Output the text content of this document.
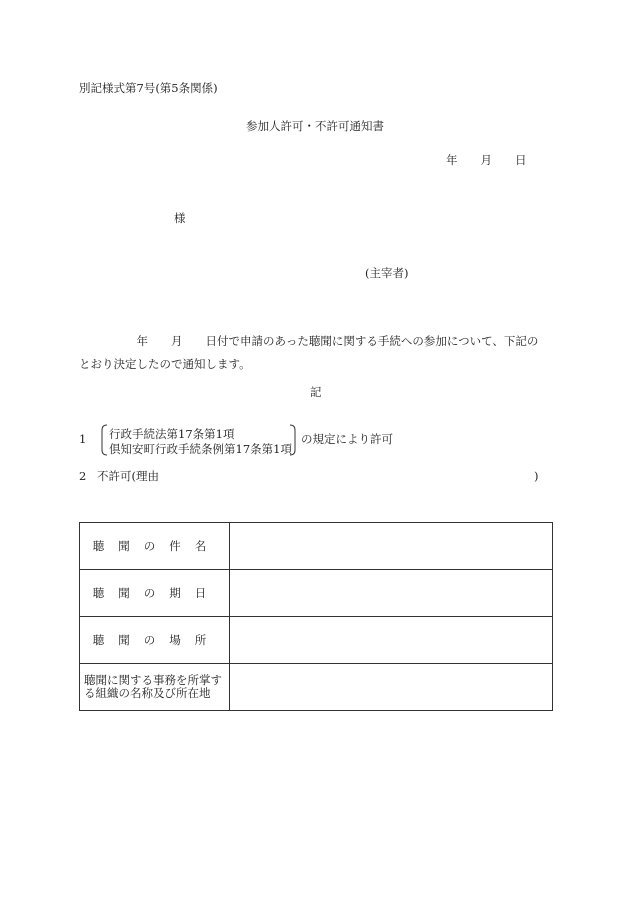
別記様式第7号(第5条関係)
参加人許可・不許可通知書
年　　月　　日
様
(主宰者)
　　　　　年　　月　　日付で申請のあった聴聞に関する手続への参加について、下記の
とおり決定したので通知します。
記
1 行政手続法第17条第1項
倶知安町行政手続条例第17条第1項
の規定により許可
2 不許可(理由	)
聴聞の件名	
聴聞の期日	
聴聞の場所	
聴聞に関する事務を所掌する組織の名称及び所在地	
